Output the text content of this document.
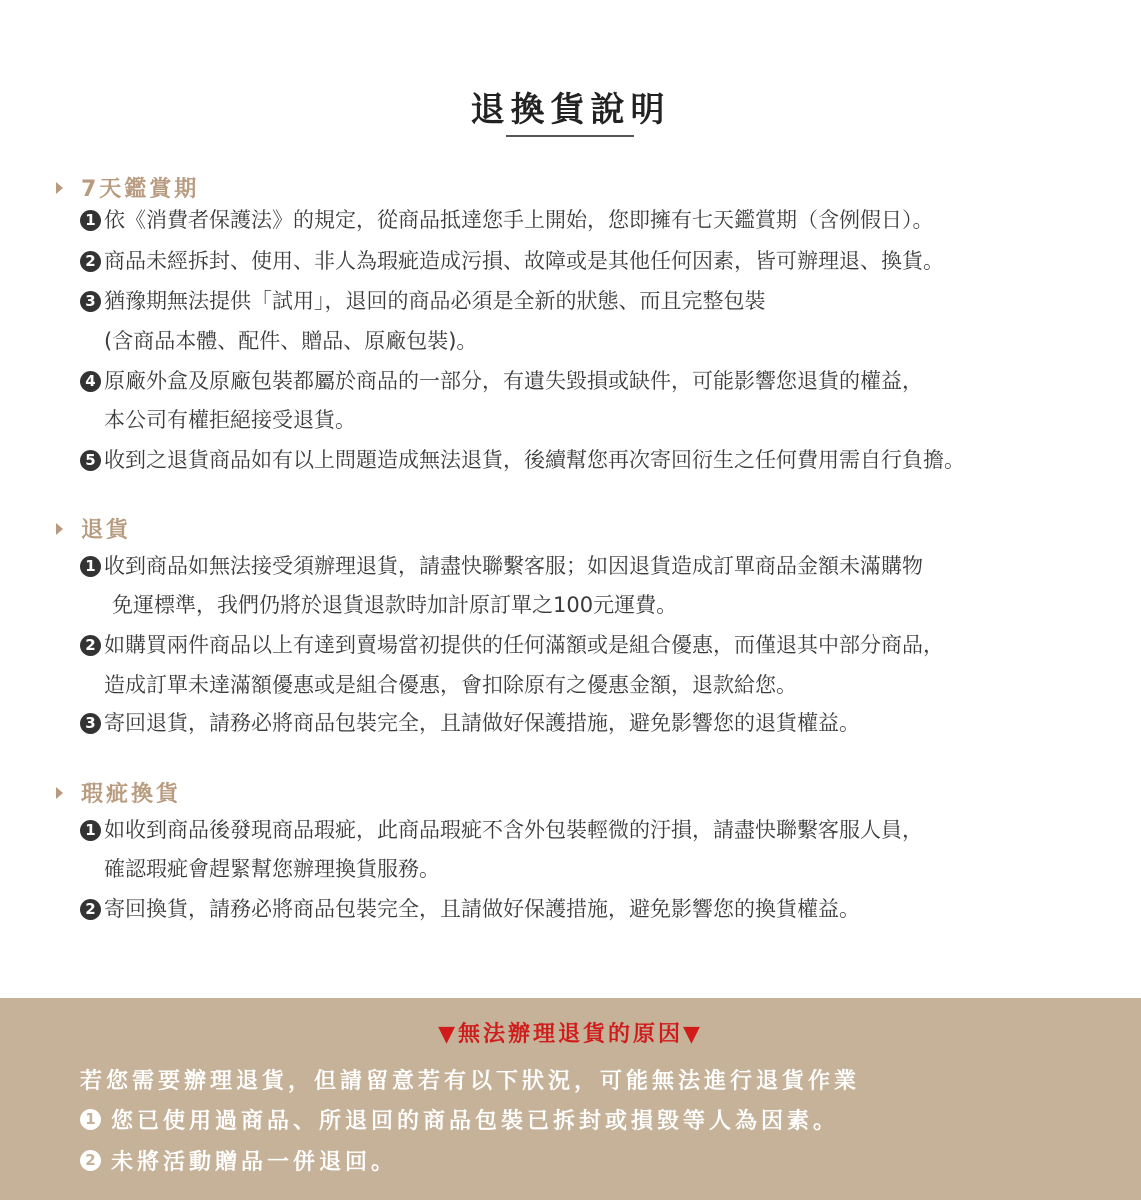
退換貨說明
7天鑑賞期
1 依《消費者保護法》的規定，從商品抵達您手上開始，您即擁有七天鑑賞期（含例假日）。
2 商品未經拆封、使用、非人為瑕疵造成污損、故障或是其他任何因素，皆可辦理退、換貨。
3 猶豫期無法提供「試用」，退回的商品必須是全新的狀態、而且完整包裝
(含商品本體、配件、贈品、原廠包裝)。
4 原廠外盒及原廠包裝都屬於商品的一部分，有遺失毀損或缺件，可能影響您退貨的權益，
本公司有權拒絕接受退貨。
5 收到之退貨商品如有以上問題造成無法退貨，後續幫您再次寄回衍生之任何費用需自行負擔。
退貨
1 收到商品如無法接受須辦理退貨，請盡快聯繫客服；如因退貨造成訂單商品金額未滿購物
免運標準，我們仍將於退貨退款時加計原訂單之100元運費。
2 如購買兩件商品以上有達到賣場當初提供的任何滿額或是組合優惠，而僅退其中部分商品，
造成訂單未達滿額優惠或是組合優惠，會扣除原有之優惠金額，退款給您。
3 寄回退貨，請務必將商品包裝完全，且請做好保護措施，避免影響您的退貨權益。
瑕疵換貨
1 如收到商品後發現商品瑕疵，此商品瑕疵不含外包裝輕微的汙損，請盡快聯繫客服人員，
確認瑕疵會趕緊幫您辦理換貨服務。
2 寄回換貨，請務必將商品包裝完全，且請做好保護措施，避免影響您的換貨權益。
▼無法辦理退貨的原因▼
若您需要辦理退貨，但請留意若有以下狀況，可能無法進行退貨作業
1 您已使用過商品、所退回的商品包裝已拆封或損毀等人為因素。
2 未將活動贈品一併退回。
